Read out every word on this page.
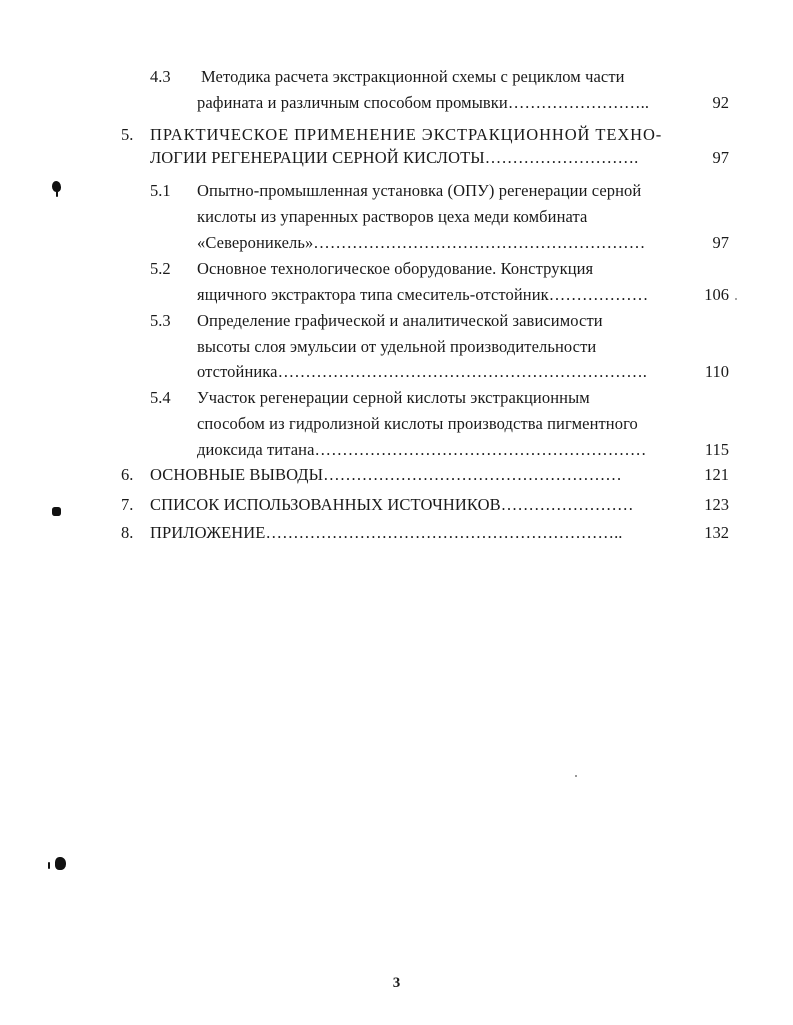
4.3 Методика расчета экстракционной схемы с рециклом части
рафината и различным способом промывки……………………..	92
5. ПРАКТИЧЕСКОЕ ПРИМЕНЕНИЕ ЭКСТРАКЦИОННОЙ ТЕХНО-
ЛОГИИ РЕГЕНЕРАЦИИ СЕРНОЙ КИСЛОТЫ……………………….	97
5.1 Опытно-промышленная установка (ОПУ) регенерации серной
кислоты из упаренных растворов цеха меди комбината
«Североникель»……………………………………………………	97
5.2 Основное технологическое оборудование. Конструкция
ящичного экстрактора типа смеситель-отстойник………………	106
5.3 Определение графической и аналитической зависимости
высоты слоя эмульсии от удельной производительности
отстойника………………………………………………………….	110
5.4 Участок регенерации серной кислоты экстракционным
способом из гидролизной кислоты производства пигментного
диоксида титана……………………………………………………	115
6. ОСНОВНЫЕ ВЫВОДЫ………………………………………………	121
7. СПИСОК ИСПОЛЬЗОВАННЫХ ИСТОЧНИКОВ……………………	123
8. ПРИЛОЖЕНИЕ………………………………………………………..	132
3
